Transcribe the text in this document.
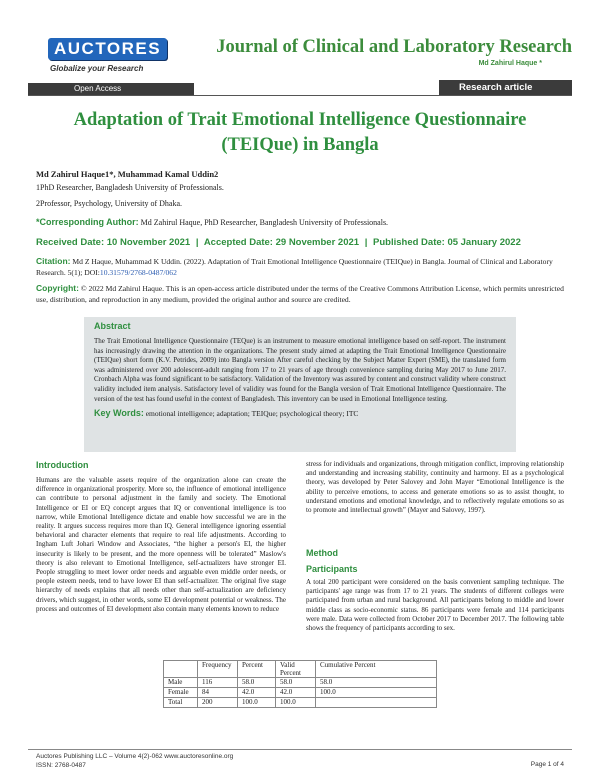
AUCTORES
Globalize your Research
Journal of Clinical and Laboratory Research
Md Zahirul Haque *
Open Access	Research article
Adaptation of Trait Emotional Intelligence Questionnaire
(TEIQue) in Bangla
Md Zahirul Haque1*, Muhammad Kamal Uddin2
1PhD Researcher, Bangladesh University of Professionals.
2Professor, Psychology, University of Dhaka.
*Corresponding Author: Md Zahirul Haque, PhD Researcher, Bangladesh University of Professionals.
Received Date: 10 November 2021 | Accepted Date: 29 November 2021 | Published Date: 05 January 2022
Citation: Md Z Haque, Muhammad K Uddin. (2022). Adaptation of Trait Emotional Intelligence Questionnaire (TEIQue) in Bangla. Journal of Clinical and Laboratory Research. 5(1); DOI:10.31579/2768-0487/062
Copyright: © 2022 Md Zahirul Haque. This is an open-access article distributed under the terms of the Creative Commons Attribution License, which permits unrestricted use, distribution, and reproduction in any medium, provided the original author and source are credited.
Abstract
The Trait Emotional Intelligence Questionnaire (TEQue) is an instrument to measure emotional intelligence based on self-report. The instrument has increasingly drawing the attention in the organizations. The present study aimed at adapting the Trait Emotional Intelligence Questionnaire (TEIQue) short form (K.V. Petrides, 2009) into Bangla version After careful checking by the Subject Matter Expert (SME), the translated form was administered over 200 adolescent-adult ranging from 17 to 21 years of age through convenience sampling during May 2017 to June 2017. Cronbach Alpha was found significant to be satisfactory. Validation of the Inventory was assured by content and construct validity where construct validity included item analysis. Satisfactory level of validity was found for the Bangla version of Trait Emotional Intelligence Questionnaire. The version of the test has found useful in the context of Bangladesh. This inventory can be used in Emotional Intelligence testing.
Key Words: emotional intelligence; adaptation; TEIQue; psychological theory; ITC
Introduction
Humans are the valuable assets require of the organization alone can create the difference in organizational prosperity. More so, the influence of emotional intelligence can contribute to personal adjustment in the family and society. The Emotional Intelligence or EI or EQ concept argues that IQ or conventional intelligence is too narrow, while Emotional Intelligence dictate and enable how successful we are in the reality. It argues success requires more than IQ. General intelligence ignoring essential behavioral and character elements that require to real life adjustments. According to Ingham Luft Johari Window and Associates, “the higher a person's EI, the higher insecurity is likely to be present, and the more openness will be tolerated” Maslow's theory is also relevant to Emotional Intelligence, self-actualizers have stronger EI. People struggling to meet lower order needs and arguable even middle order needs, or people esteem needs, tend to have lower EI than self-actualizer. The original five stage hierarchy of needs explains that all needs other than self-actualization are deficiency drivers, which suggest, in other words, some EI development potential or weakness. The process and outcomes of EI development also contain many elements known to reduce
stress for individuals and organizations, through mitigation conflict, improving relationship and understanding and increasing stability, continuity and harmony. EI as a psychological theory, was developed by Peter Salovey and John Mayer “Emotional Intelligence is the ability to perceive emotions, to access and generate emotions so as to assist thought, to understand emotions and emotional knowledge, and to reflectively regulate emotions so as to promote and intellectual growth” (Mayer and Salovey, 1997).
Method
Participants
A total 200 participant were considered on the basis convenient sampling technique. The participants' age range was from 17 to 21 years. The students of different colleges were participated from urban and rural background. All participants belong to middle and lower middle class as socio-economic status. 86 participants were female and 114 participants were male. Data were collected from October 2017 to December 2017. The following table shows the frequency of participants according to sex.
	Frequency	Percent	Valid Percent	Cumulative Percent
Male	116	58.0	58.0	58.0
Female	84	42.0	42.0	100.0
Total	200	100.0	100.0	
Auctores Publishing LLC – Volume 4(2)-062 www.auctoresonline.org
ISSN: 2768-0487	Page 1 of 4
